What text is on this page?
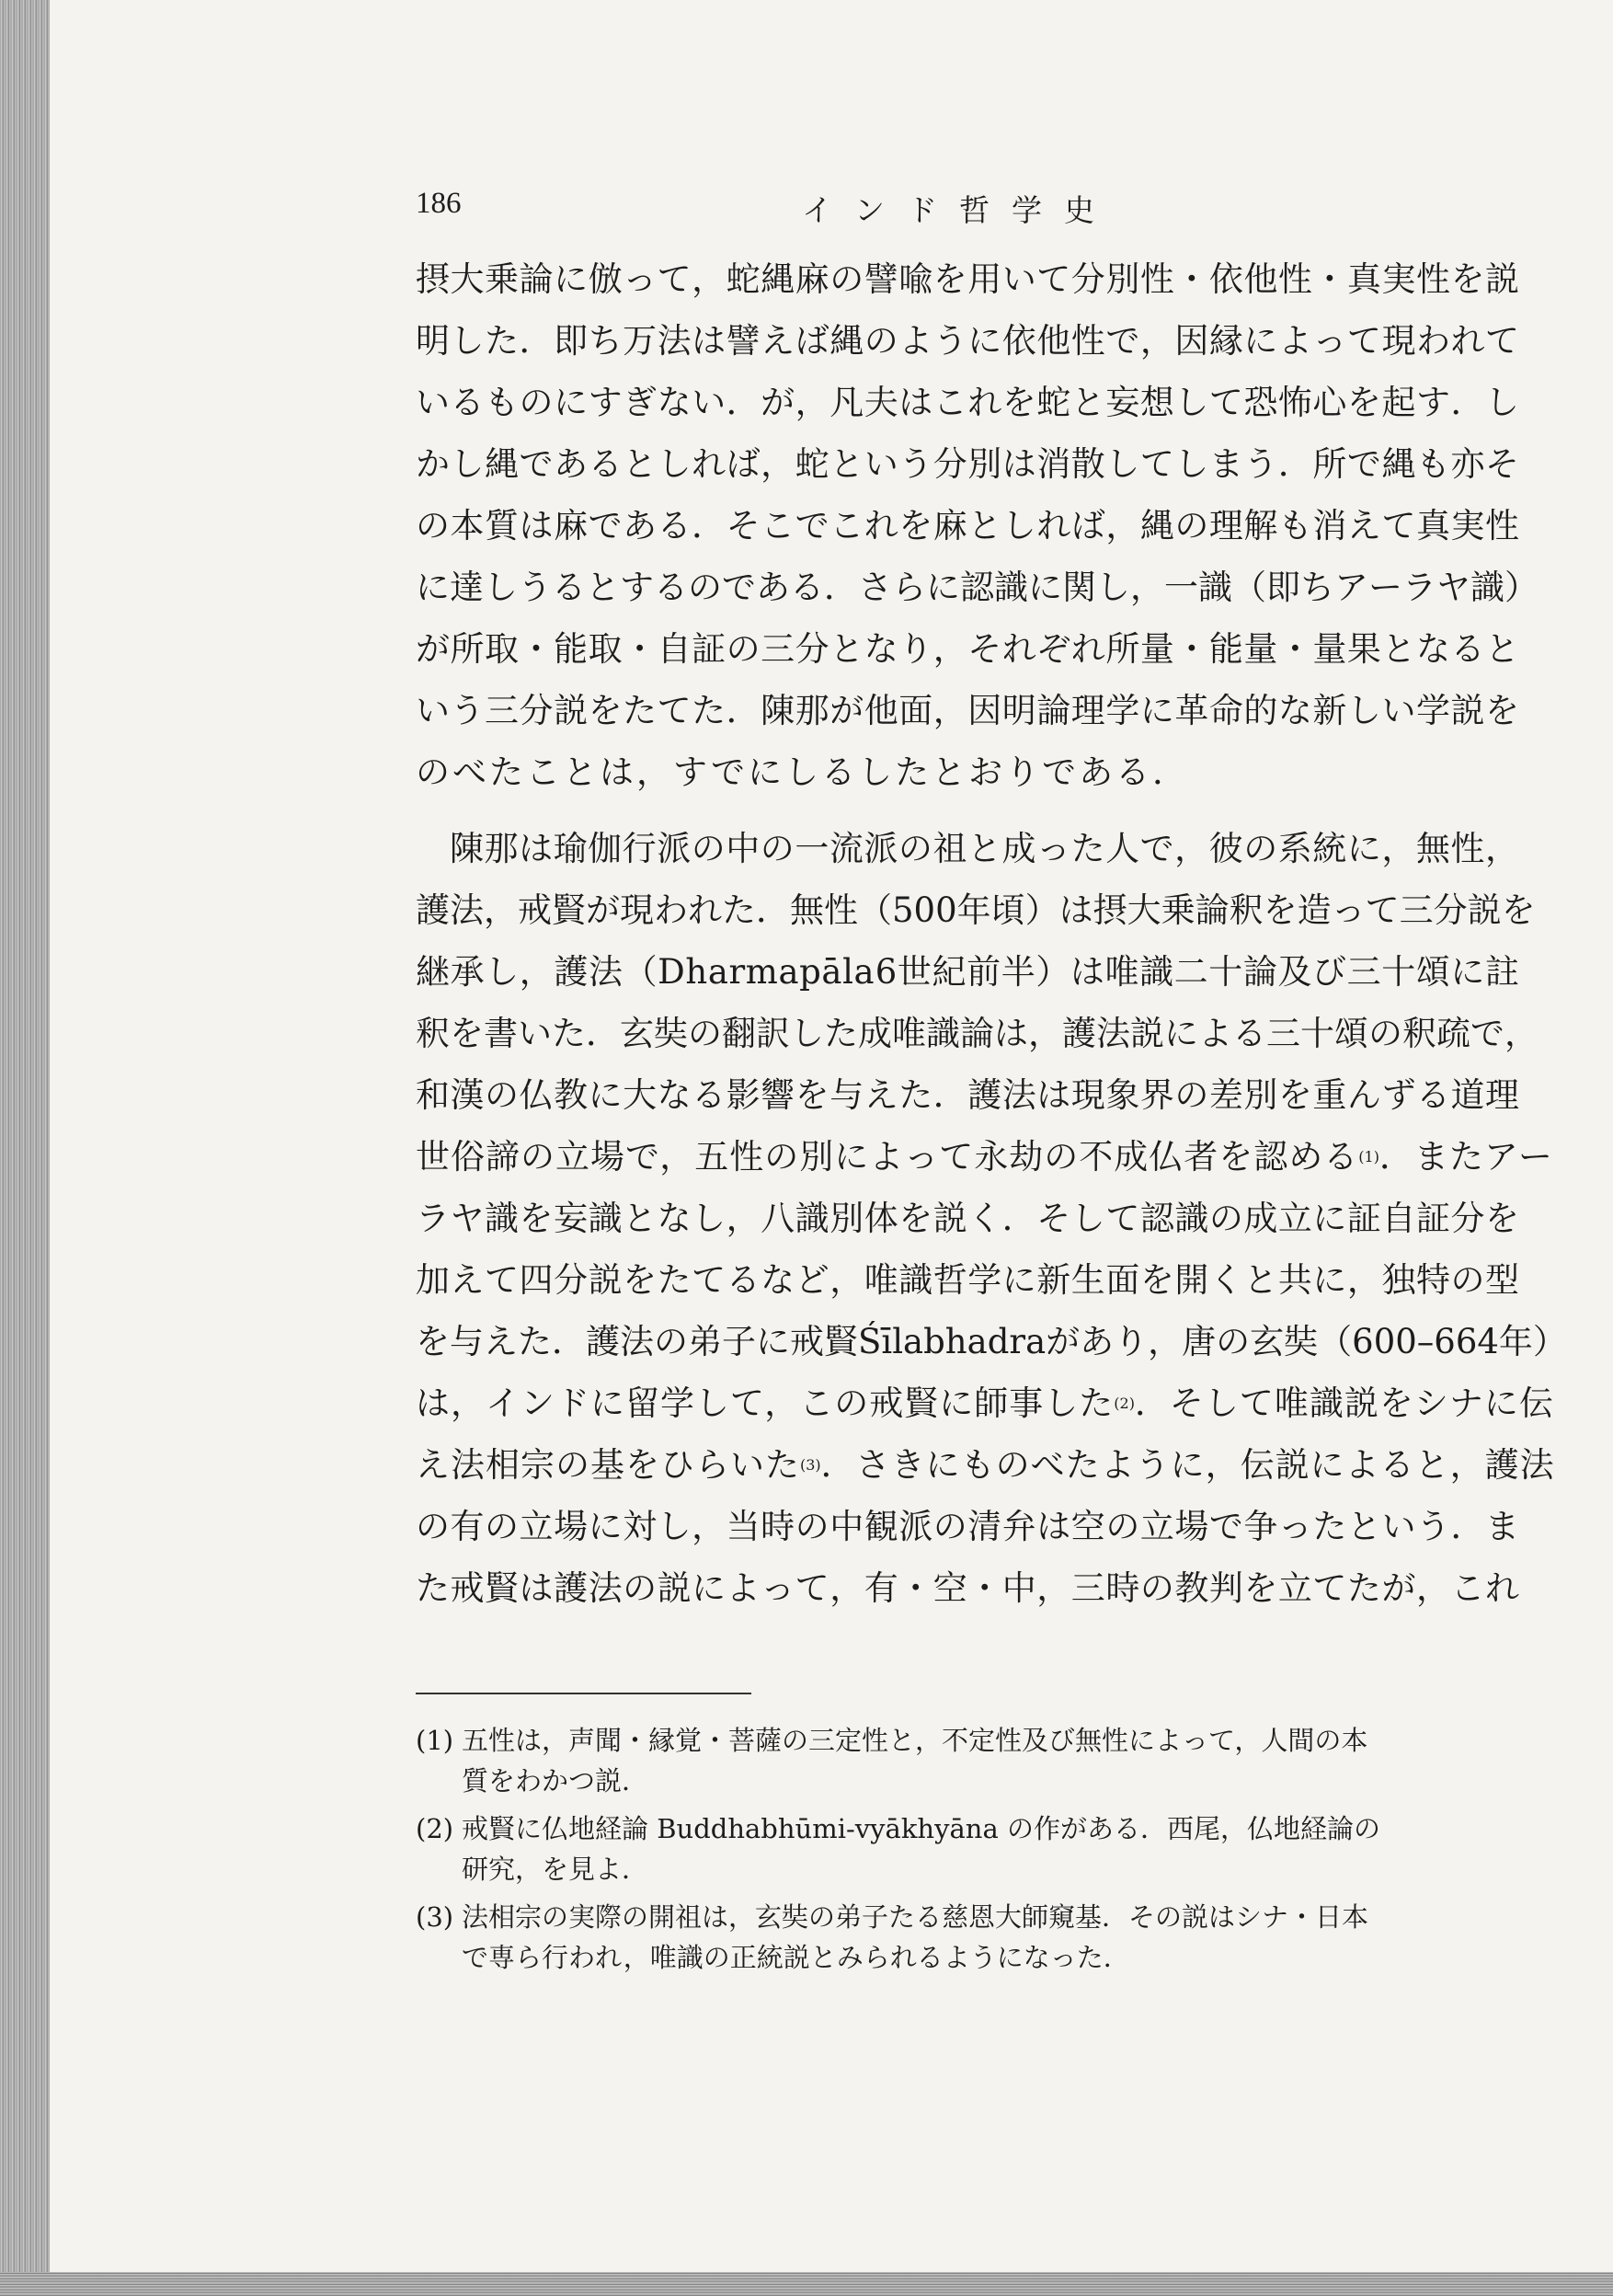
186	インド哲学史
摂 大 乗 論 に 倣 っ て ， 蛇 縄 麻 の 譬 喩 を 用 い て 分 別 性 ・ 依 他 性 ・ 真 実 性 を 説
明 し た ． 即 ち 万 法 は 譬 え ば 縄 の よ う に 依 他 性 で ， 因 縁 に よ っ て 現 わ れ て
い る も の に す ぎ な い ． が ， 凡 夫 は こ れ を 蛇 と 妄 想 し て 恐 怖 心 を 起 す ． し
か し 縄 で あ る と し れ ば ， 蛇 と い う 分 別 は 消 散 し て し ま う ． 所 で 縄 も 亦 そ
の 本 質 は 麻 で あ る ． そ こ で こ れ を 麻 と し れ ば ， 縄 の 理 解 も 消 え て 真 実 性
に 達 し う る と す る の で あ る ． さ ら に 認 識 に 関 し ， 一 識 （ 即 ち ア ー ラ ヤ 識 ）
が 所 取 ・ 能 取 ・ 自 証 の 三 分 と な り ， そ れ ぞ れ 所 量 ・ 能 量 ・ 量 果 と な る と
い う 三 分 説 を た て た ． 陳 那 が 他 面 ， 因 明 論 理 学 に 革 命 的 な 新 し い 学 説 を
のべたことは，すでにしるしたとおりである．
陳 那 は 瑜 伽 行 派 の 中 の 一 流 派 の 祖 と 成 っ た 人 で ， 彼 の 系 統 に ， 無 性 ，
護 法 ， 戒 賢 が 現 わ れ た ． 無 性 （ 5 0 0 年 頃 ） は 摂 大 乗 論 釈 を 造 っ て 三 分 説 を
継 承 し ， 護 法 （ D h a r m a p ā l a 6 世 紀 前 半 ） は 唯 識 二 十 論 及 び 三 十 頌 に 註
釈 を 書 い た ． 玄 奘 の 翻 訳 し た 成 唯 識 論 は ， 護 法 説 に よ る 三 十 頌 の 釈 疏 で ，
和 漢 の 仏 教 に 大 な る 影 響 を 与 え た ． 護 法 は 現 象 界 の 差 別 を 重 ん ず る 道 理
世俗諦の立場で，五性の別によって永劫の不成仏者を認める (1) ．またアー
ラ ヤ 識 を 妄 識 と な し ， 八 識 別 体 を 説 く ． そ し て 認 識 の 成 立 に 証 自 証 分 を
加 え て 四 分 説 を た て る な ど ， 唯 識 哲 学 に 新 生 面 を 開 く と 共 に ， 独 特 の 型
を 与 え た ． 護 法 の 弟 子 に 戒 賢 Ś ī l a b h a d r a が あ り ， 唐 の 玄 奘 （ 6 0 0 – 6 6 4 年 ）
は，インドに留学して，この戒賢に師事した (2) ．そして唯識説をシナに伝
え法相宗の基をひらいた (3) ．さきにものべたように，伝説によると，護法
の 有 の 立 場 に 対 し ， 当 時 の 中 観 派 の 清 弁 は 空 の 立 場 で 争 っ た と い う ． ま
た 戒 賢 は 護 法 の 説 に よ っ て ， 有 ・ 空 ・ 中 ， 三 時 の 教 判 を 立 て た が ， こ れ
(1) 五性は，声聞・縁覚・菩薩の三定性と，不定性及び無性によって，人間の本
質をわかつ説．
(2) 戒賢に仏地経論 Buddhabhūmi-vyākhyāna の作がある．西尾，仏地経論の
研究，を見よ．
(3) 法相宗の実際の開祖は，玄奘の弟子たる慈恩大師窺基．その説はシナ・日本
で専ら行われ，唯識の正統説とみられるようになった．
